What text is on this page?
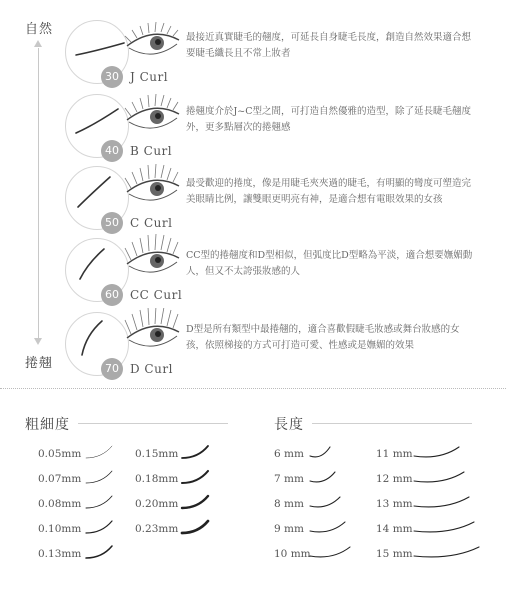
自然
捲翹
30 J Curl
最接近真實睫毛的翹度，可延長自身睫毛長度，創造自然效果適合想要睫毛纖長且不常上妝者
40 B Curl
捲翹度介於J~C型之間，可打造自然優雅的造型，除了延長睫毛翹度外，更多點層次的捲翹感
50 C Curl
最受歡迎的捲度，像是用睫毛夾夾過的睫毛，有明顯的彎度可塑造完美眼睛比例，讓雙眼更明亮有神，是適合想有電眼效果的女孩
60 CC Curl
CC型的捲翹度和D型相似，但弧度比D型略為平淡，適合想要嫵媚動人，但又不太誇張妝感的人
70 D Curl
D型是所有類型中最捲翹的，適合喜歡假睫毛妝感或舞台妝感的女孩，依照梯接的方式可打造可愛、性感或是嫵媚的效果
粗細度
0.05mm
0.07mm
0.08mm
0.10mm
0.13mm
0.15mm
0.18mm
0.20mm
0.23mm
長度
6 mm
7 mm
8 mm
9 mm
10 mm
11 mm
12 mm
13 mm
14 mm
15 mm
